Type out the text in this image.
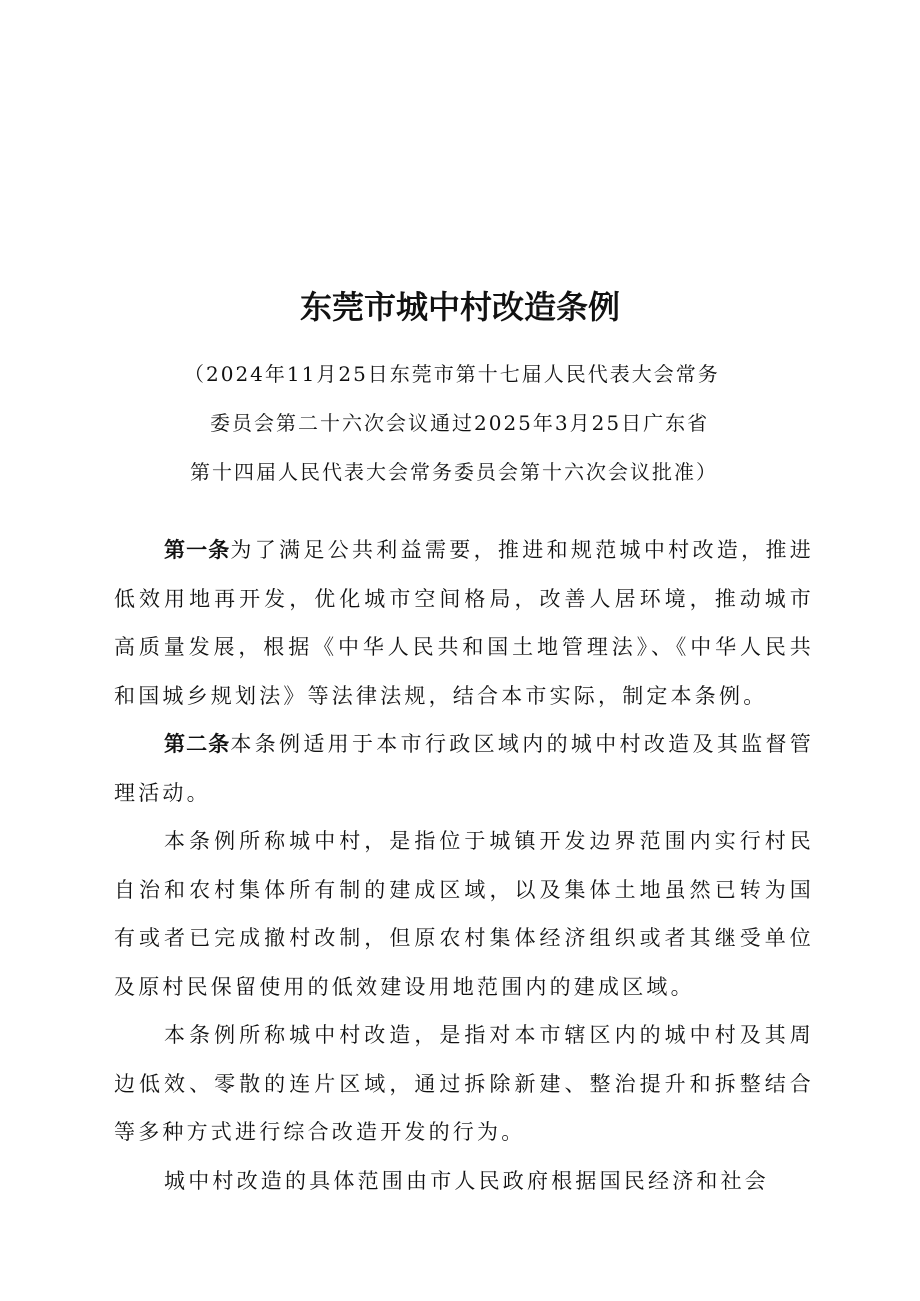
东莞市城中村改造条例
（2024年11月25日东莞市第十七届人民代表大会常务
委员会第二十六次会议通过2025年3月25日广东省
第十四届人民代表大会常务委员会第十六次会议批准）

第一条为了满足公共利益需要，推进和规范城中村改造，推进低效用地再开发，优化城市空间格局，改善人居环境，推动城市高质量发展，根据《中华人民共和国土地管理法》、《中华人民共和国城乡规划法》等法律法规，结合本市实际，制定本条例。

第二条本条例适用于本市行政区域内的城中村改造及其监督管理活动。

本条例所称城中村，是指位于城镇开发边界范围内实行村民自治和农村集体所有制的建成区域，以及集体土地虽然已转为国有或者已完成撤村改制，但原农村集体经济组织或者其继受单位及原村民保留使用的低效建设用地范围内的建成区域。

本条例所称城中村改造，是指对本市辖区内的城中村及其周边低效、零散的连片区域，通过拆除新建、整治提升和拆整结合等多种方式进行综合改造开发的行为。

城中村改造的具体范围由市人民政府根据国民经济和社会
